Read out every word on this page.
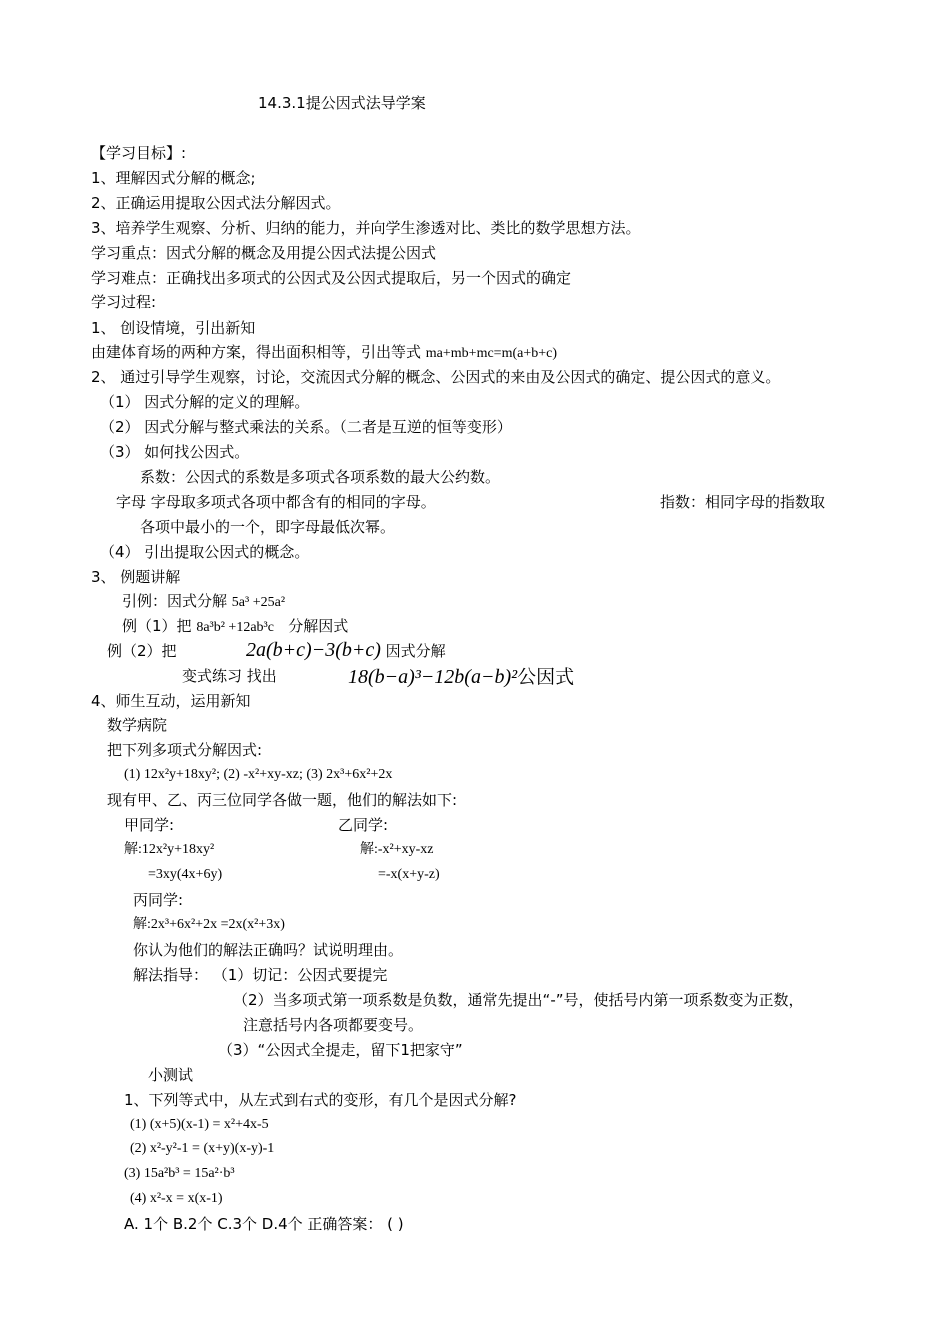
14.3.1提公因式法导学案
【学习目标】:
1、理解因式分解的概念;
2、正确运用提取公因式法分解因式。
3、培养学生观察、分析、归纳的能力，并向学生渗透对比、类比的数学思想方法。
学习重点：因式分解的概念及用提公因式法提公因式
学习难点：正确找出多项式的公因式及公因式提取后，另一个因式的确定
学习过程:
1、 创设情境，引出新知
由建体育场的两种方案，得出面积相等，引出等式 ma+mb+mc=m(a+b+c)
2、 通过引导学生观察，讨论，交流因式分解的概念、公因式的来由及公因式的确定、提公因式的意义。
（1） 因式分解的定义的理解。
（2） 因式分解与整式乘法的关系。（二者是互逆的恒等变形）
（3） 如何找公因式。
系数：公因式的系数是多项式各项系数的最大公约数。
字母 字母取多项式各项中都含有的相同的字母。	指数：相同字母的指数取
各项中最小的一个，即字母最低次幂。
（4） 引出提取公因式的概念。
3、 例题讲解
引例：因式分解 5a³ +25a²
例（1）把 8a³b² +12ab³c 分解因式
例（2）把	2a(b+c)−3(b+c) 因式分解
变式练习 找出	18(b−a)³−12b(a−b)²公因式
4、师生互动，运用新知
数学病院
把下列多项式分解因式:
(1) 12x²y+18xy²; (2) -x²+xy-xz; (3) 2x³+6x²+2x
现有甲、乙、丙三位同学各做一题，他们的解法如下:
甲同学:	乙同学:
解:12x²y+18xy²	解:-x²+xy-xz
=3xy(4x+6y)	=-x(x+y-z)
丙同学:
解:2x³+6x²+2x =2x(x²+3x)
你认为他们的解法正确吗？试说明理由。
解法指导： （1）切记：公因式要提完
（2）当多项式第一项系数是负数，通常先提出“-”号，使括号内第一项系数变为正数，
注意括号内各项都要变号。
（3）“公因式全提走，留下1把家守”
小测试
1、下列等式中，从左式到右式的变形，有几个是因式分解?
(1) (x+5)(x-1) = x²+4x-5
(2) x²-y²-1 = (x+y)(x-y)-1
(3) 15a²b³ = 15a²·b³
(4) x²-x = x(x-1)
A. 1个 B.2个 C.3个 D.4个 正确答案： ( )
